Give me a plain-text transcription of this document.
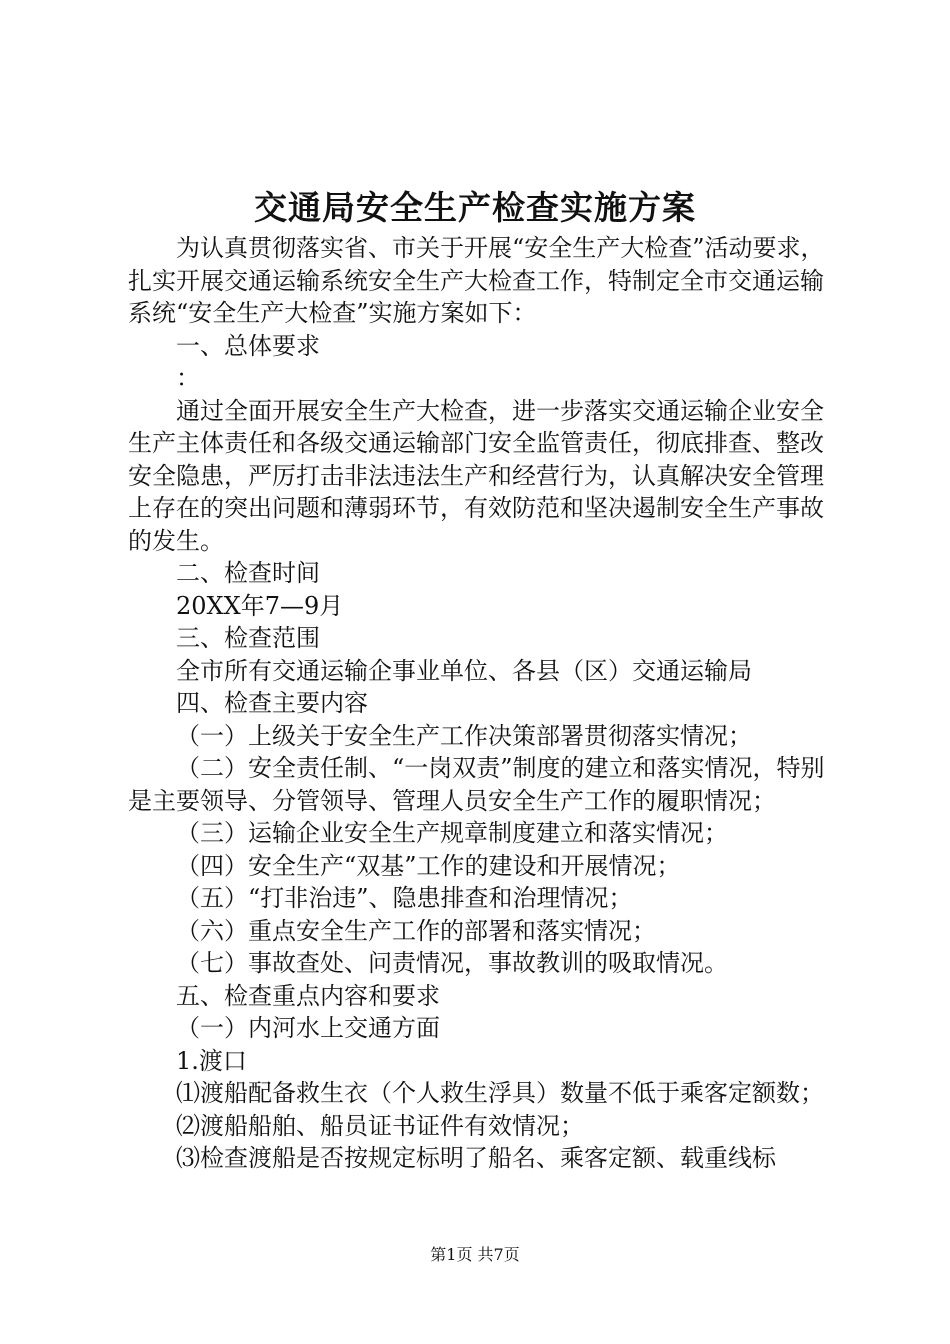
交通局安全生产检查实施方案

为认真贯彻落实省、市关于开展“安全生产大检查”活动要求，扎实开展交通运输系统安全生产大检查工作，特制定全市交通运输系统“安全生产大检查”实施方案如下：

一、总体要求

：

通过全面开展安全生产大检查，进一步落实交通运输企业安全生产主体责任和各级交通运输部门安全监管责任，彻底排查、整改安全隐患，严厉打击非法违法生产和经营行为，认真解决安全管理上存在的突出问题和薄弱环节，有效防范和坚决遏制安全生产事故的发生。

二、检查时间

20XX年7—9月

三、检查范围

全市所有交通运输企事业单位、各县（区）交通运输局

四、检查主要内容

（一）上级关于安全生产工作决策部署贯彻落实情况；

（二）安全责任制、“一岗双责”制度的建立和落实情况，特别是主要领导、分管领导、管理人员安全生产工作的履职情况；

（三）运输企业安全生产规章制度建立和落实情况；

（四）安全生产“双基”工作的建设和开展情况；

（五）“打非治违”、隐患排查和治理情况；

（六）重点安全生产工作的部署和落实情况；

（七）事故查处、问责情况，事故教训的吸取情况。

五、检查重点内容和要求

（一）内河水上交通方面

1.渡口

⑴渡船配备救生衣（个人救生浮具）数量不低于乘客定额数；

⑵渡船船舶、船员证书证件有效情况；

⑶检查渡船是否按规定标明了船名、乘客定额、载重线标

第1页 共7页
